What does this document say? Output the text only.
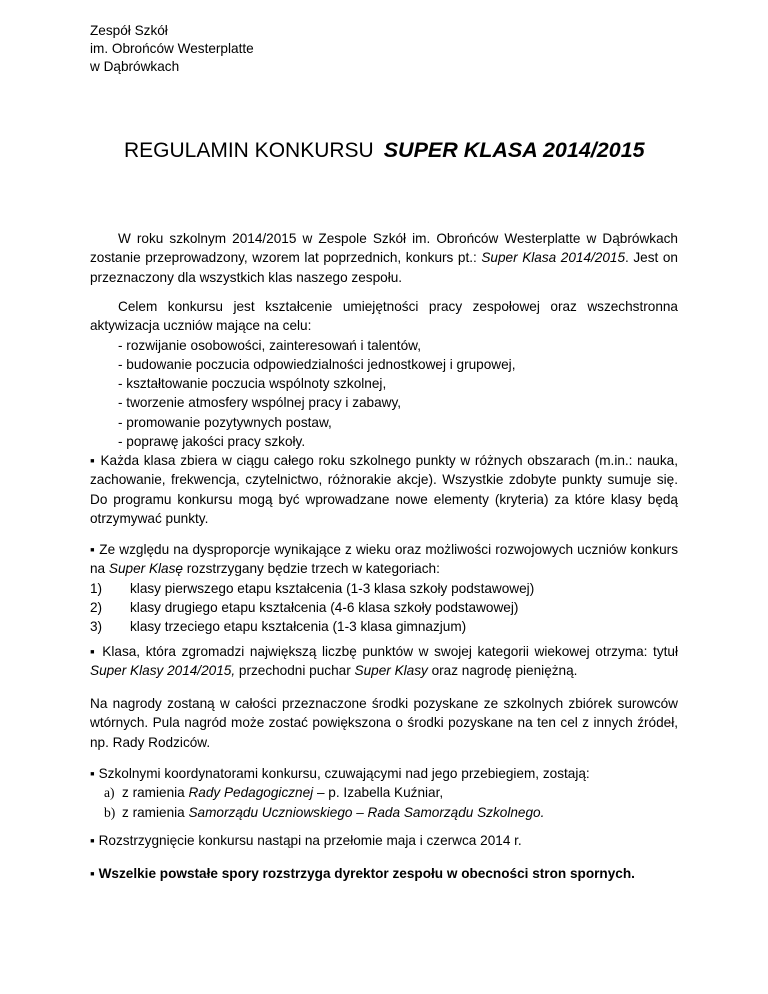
Zespół Szkół
im. Obrońców Westerplatte
w Dąbrówkach
REGULAMIN KONKURSU SUPER KLASA 2014/2015

W roku szkolnym 2014/2015 w Zespole Szkół im. Obrońców Westerplatte w Dąbrówkach zostanie przeprowadzony, wzorem lat poprzednich, konkurs pt.: Super Klasa 2014/2015. Jest on przeznaczony dla wszystkich klas naszego zespołu.

Celem konkursu jest kształcenie umiejętności pracy zespołowej oraz wszechstronna aktywizacja uczniów mające na celu:

- rozwijanie osobowości, zainteresowań i talentów,
- budowanie poczucia odpowiedzialności jednostkowej i grupowej,
- kształtowanie poczucia wspólnoty szkolnej,
- tworzenie atmosfery wspólnej pracy i zabawy,
- promowanie pozytywnych postaw,
- poprawę jakości pracy szkoły.

▪ Każda klasa zbiera w ciągu całego roku szkolnego punkty w różnych obszarach (m.in.: nauka, zachowanie, frekwencja, czytelnictwo, różnorakie akcje). Wszystkie zdobyte punkty sumuje się. Do programu konkursu mogą być wprowadzane nowe elementy (kryteria) za które klasy będą otrzymywać punkty.

▪ Ze względu na dysproporcje wynikające z wieku oraz możliwości rozwojowych uczniów konkurs na Super Klasę rozstrzygany będzie trzech w kategoriach:

1)	klasy pierwszego etapu kształcenia (1-3 klasa szkoły podstawowej)
2)	klasy drugiego etapu kształcenia (4-6 klasa szkoły podstawowej)
3)	klasy trzeciego etapu kształcenia (1-3 klasa gimnazjum)

▪ Klasa, która zgromadzi największą liczbę punktów w swojej kategorii wiekowej otrzyma: tytuł Super Klasy 2014/2015, przechodni puchar Super Klasy oraz nagrodę pieniężną.

Na nagrody zostaną w całości przeznaczone środki pozyskane ze szkolnych zbiórek surowców wtórnych. Pula nagród może zostać powiększona o środki pozyskane na ten cel z innych źródeł, np. Rady Rodziców.

▪ Szkolnymi koordynatorami konkursu, czuwającymi nad jego przebiegiem, zostają:

a) z ramienia Rady Pedagogicznej – p. Izabella Kuźniar,
b) z ramienia Samorządu Uczniowskiego – Rada Samorządu Szkolnego.

▪ Rozstrzygnięcie konkursu nastąpi na przełomie maja i czerwca 2014 r.

▪ Wszelkie powstałe spory rozstrzyga dyrektor zespołu w obecności stron spornych.
